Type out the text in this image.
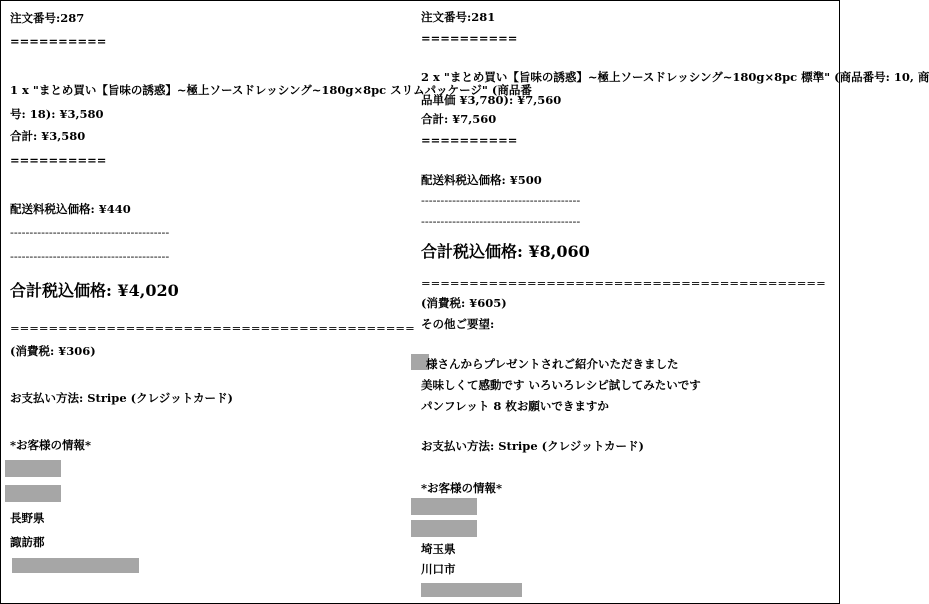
注文番号:287
==========
1 x "まとめ買い【旨味の誘惑】~極上ソースドレッシング~180g×8pc スリムパッケージ" (商品番
号: 18): ¥3,580
合計: ¥3,580
==========
配送料税込価格: ¥440
-----------------------------------------
-----------------------------------------
合計税込価格: ¥4,020
==========================================
(消費税: ¥306)
お支払い方法: Stripe (クレジットカード)
*お客様の情報*
長野県
諏訪郡
注文番号:281
==========
2 x "まとめ買い【旨味の誘惑】~極上ソースドレッシング~180g×8pc 標準" (商品番号: 10, 商
品単価 ¥3,780): ¥7,560
合計: ¥7,560
==========
配送料税込価格: ¥500
-----------------------------------------
-----------------------------------------
合計税込価格: ¥8,060
==========================================
(消費税: ¥605)
その他ご要望:
様さんからプレゼントされご紹介いただきました
美味しくて感動です いろいろレシピ試してみたいです
パンフレット 8 枚お願いできますか
お支払い方法: Stripe (クレジットカード)
*お客様の情報*
埼玉県
川口市
